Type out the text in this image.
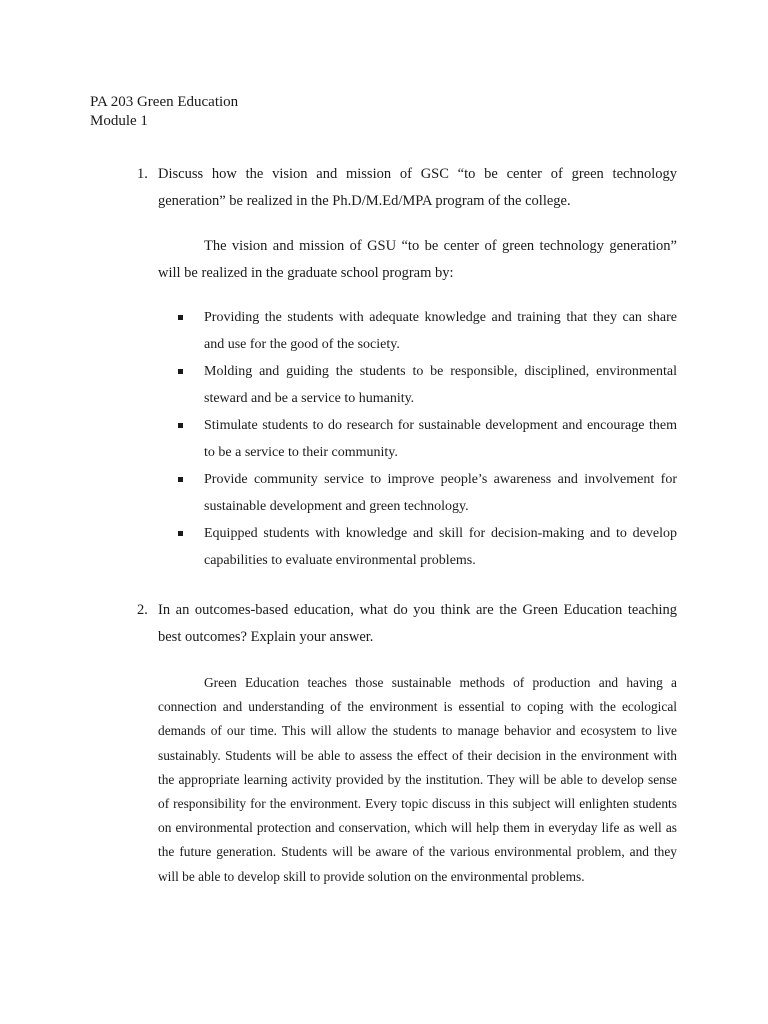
PA 203 Green Education
Module 1
1. Discuss how the vision and mission of GSC “to be center of green technology generation” be realized in the Ph.D/M.Ed/MPA program of the college.
The vision and mission of GSU “to be center of green technology generation” will be realized in the graduate school program by:
Providing the students with adequate knowledge and training that they can share and use for the good of the society.
Molding and guiding the students to be responsible, disciplined, environmental steward and be a service to humanity.
Stimulate students to do research for sustainable development and encourage them to be a service to their community.
Provide community service to improve people’s awareness and involvement for sustainable development and green technology.
Equipped students with knowledge and skill for decision-making and to develop capabilities to evaluate environmental problems.
2. In an outcomes-based education, what do you think are the Green Education teaching best outcomes? Explain your answer.
Green Education teaches those sustainable methods of production and having a connection and understanding of the environment is essential to coping with the ecological demands of our time. This will allow the students to manage behavior and ecosystem to live sustainably. Students will be able to assess the effect of their decision in the environment with the appropriate learning activity provided by the institution. They will be able to develop sense of responsibility for the environment. Every topic discuss in this subject will enlighten students on environmental protection and conservation, which will help them in everyday life as well as the future generation. Students will be aware of the various environmental problem, and they will be able to develop skill to provide solution on the environmental problems.
